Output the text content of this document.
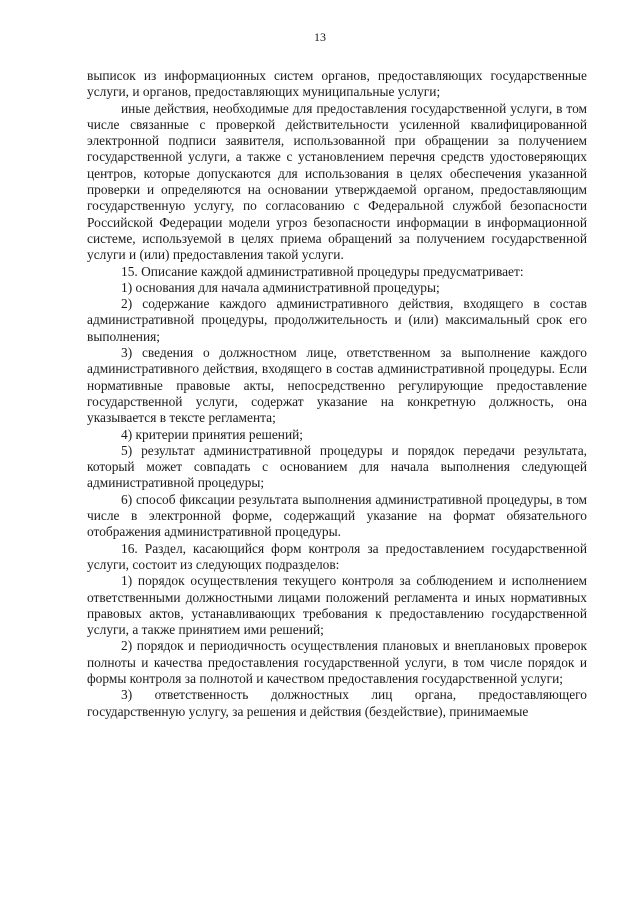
13

выписок из информационных систем органов, предоставляющих государственные услуги, и органов, предоставляющих муниципальные услуги;

иные действия, необходимые для предоставления государственной услуги, в том числе связанные с проверкой действительности усиленной квалифицированной электронной подписи заявителя, использованной при обращении за получением государственной услуги, а также с установлением перечня средств удостоверяющих центров, которые допускаются для использования в целях обеспечения указанной проверки и определяются на основании утверждаемой органом, предоставляющим государственную услугу, по согласованию с Федеральной службой безопасности Российской Федерации модели угроз безопасности информации в информационной системе, используемой в целях приема обращений за получением государственной услуги и (или) предоставления такой услуги.

15. Описание каждой административной процедуры предусматривает:

1) основания для начала административной процедуры;

2) содержание каждого административного действия, входящего в состав административной процедуры, продолжительность и (или) максимальный срок его выполнения;

3) сведения о должностном лице, ответственном за выполнение каждого административного действия, входящего в состав административной процедуры. Если нормативные правовые акты, непосредственно регулирующие предоставление государственной услуги, содержат указание на конкретную должность, она указывается в тексте регламента;

4) критерии принятия решений;

5) результат административной процедуры и порядок передачи результата, который может совпадать с основанием для начала выполнения следующей административной процедуры;

6) способ фиксации результата выполнения административной процедуры, в том числе в электронной форме, содержащий указание на формат обязательного отображения административной процедуры.

16. Раздел, касающийся форм контроля за предоставлением государственной услуги, состоит из следующих подразделов:

1) порядок осуществления текущего контроля за соблюдением и исполнением ответственными должностными лицами положений регламента и иных нормативных правовых актов, устанавливающих требования к предоставлению государственной услуги, а также принятием ими решений;

2) порядок и периодичность осуществления плановых и внеплановых проверок полноты и качества предоставления государственной услуги, в том числе порядок и формы контроля за полнотой и качеством предоставления государственной услуги;

3) ответственность должностных лиц органа, предоставляющего государственную услугу, за решения и действия (бездействие), принимаемые
